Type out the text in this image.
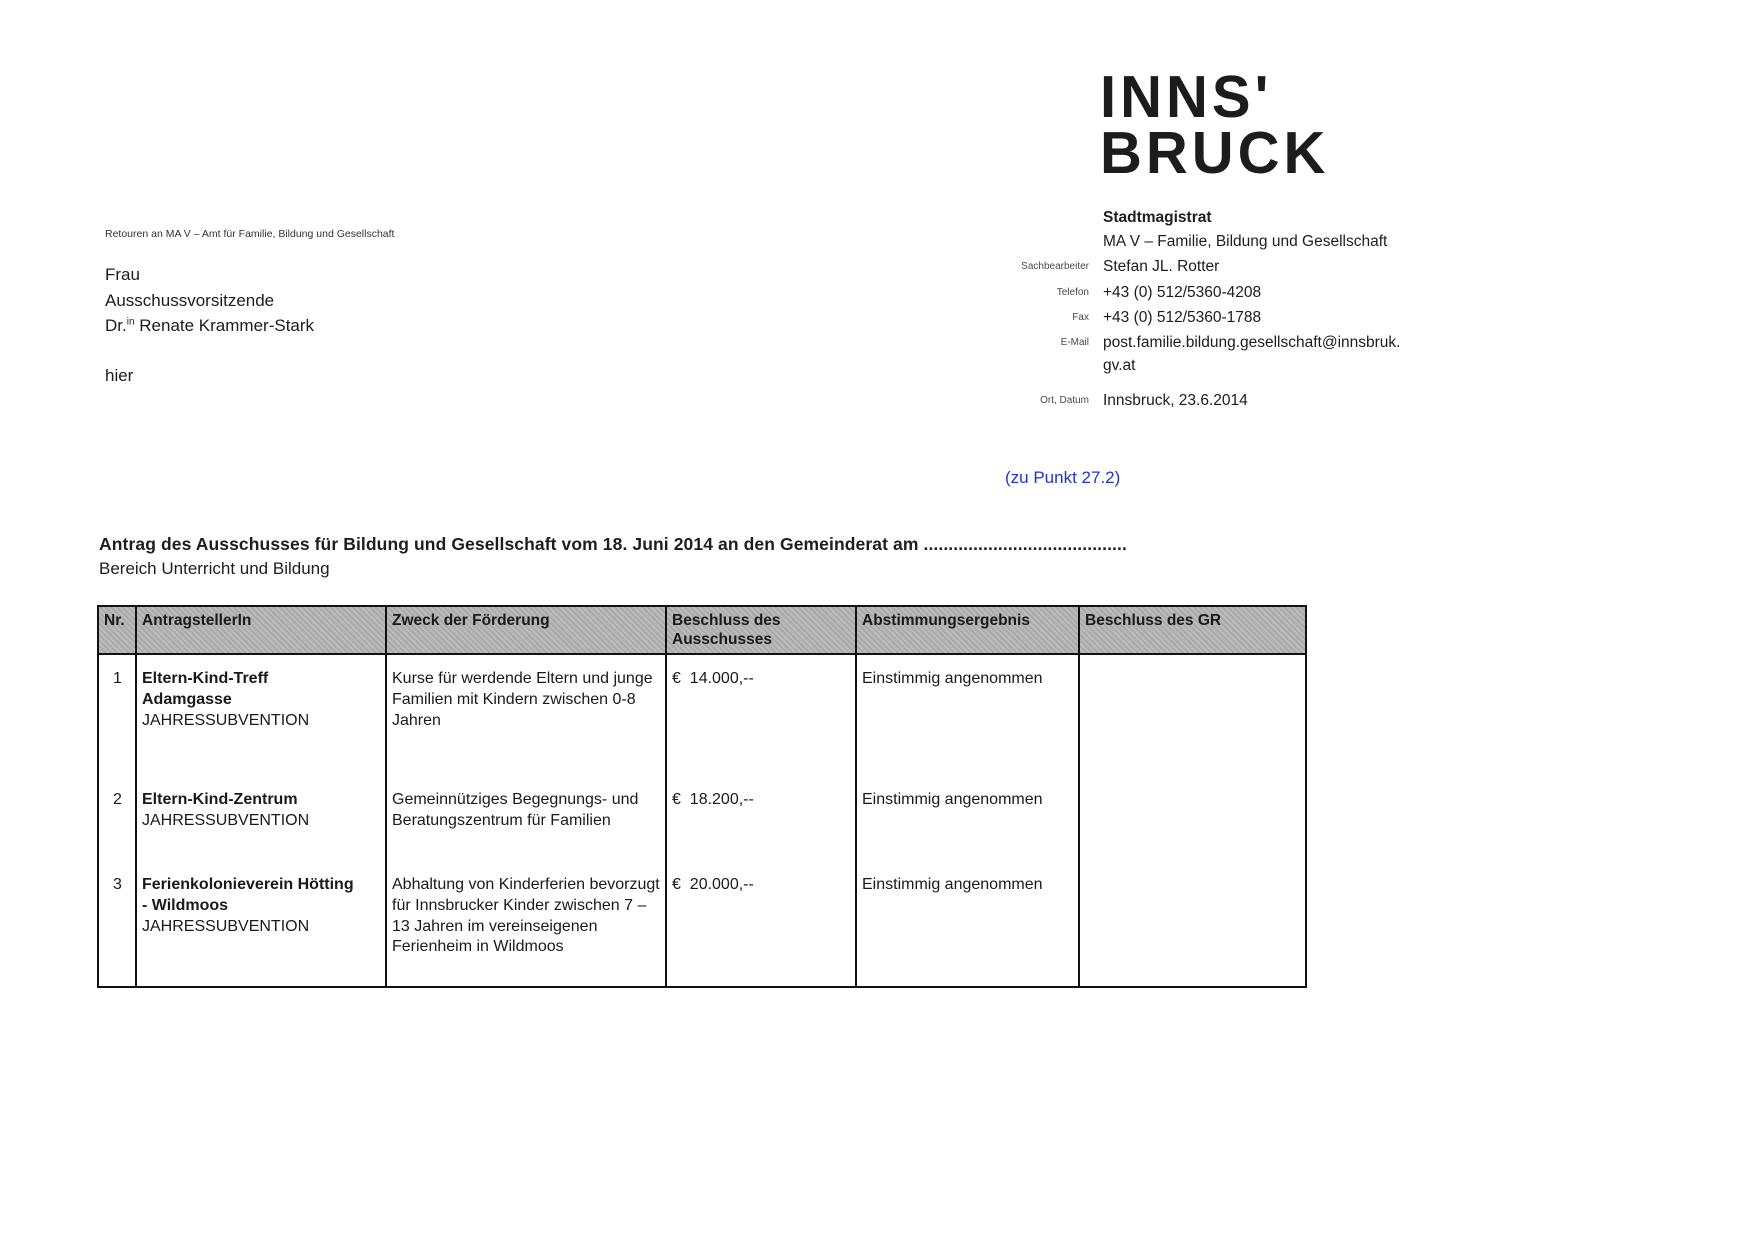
INNS'
BRUCK
Stadtmagistrat
MA V – Familie, Bildung und Gesellschaft
Sachbearbeiter Stefan JL. Rotter
Telefon +43 (0) 512/5360-4208
Fax +43 (0) 512/5360-1788
E-Mail post.familie.bildung.gesellschaft@innsbruk. gv.at
Ort, Datum Innsbruck, 23.6.2014
Retouren an MA V – Amt für Familie, Bildung und Gesellschaft
Frau
Ausschussvorsitzende
Dr.$^{in}$ Renate Krammer-Stark
hier
(zu Punkt 27.2)
Antrag des Ausschusses für Bildung und Gesellschaft vom 18. Juni 2014 an den Gemeinderat am .........................................
Bereich Unterricht und Bildung
Nr.	AntragstellerIn	Zweck der Förderung	Beschluss des Ausschusses	Abstimmungsergebnis	Beschluss des GR
1	Eltern-Kind-Treff
Adamgasse
JAHRESSUBVENTION	Kurse für werdende Eltern und junge Familien mit Kindern zwischen 0-8 Jahren	€  14.000,--	Einstimmig angenommen	
2	Eltern-Kind-Zentrum
JAHRESSUBVENTION	Gemeinnütziges Begegnungs- und Beratungszentrum für Familien	€  18.200,--	Einstimmig angenommen	
3	Ferienkolonieverein Hötting
- Wildmoos
JAHRESSUBVENTION	Abhaltung von Kinderferien bevorzugt für Innsbrucker Kinder zwischen 7 – 13 Jahren im vereinseigenen Ferienheim in Wildmoos	€  20.000,--	Einstimmig angenommen	
